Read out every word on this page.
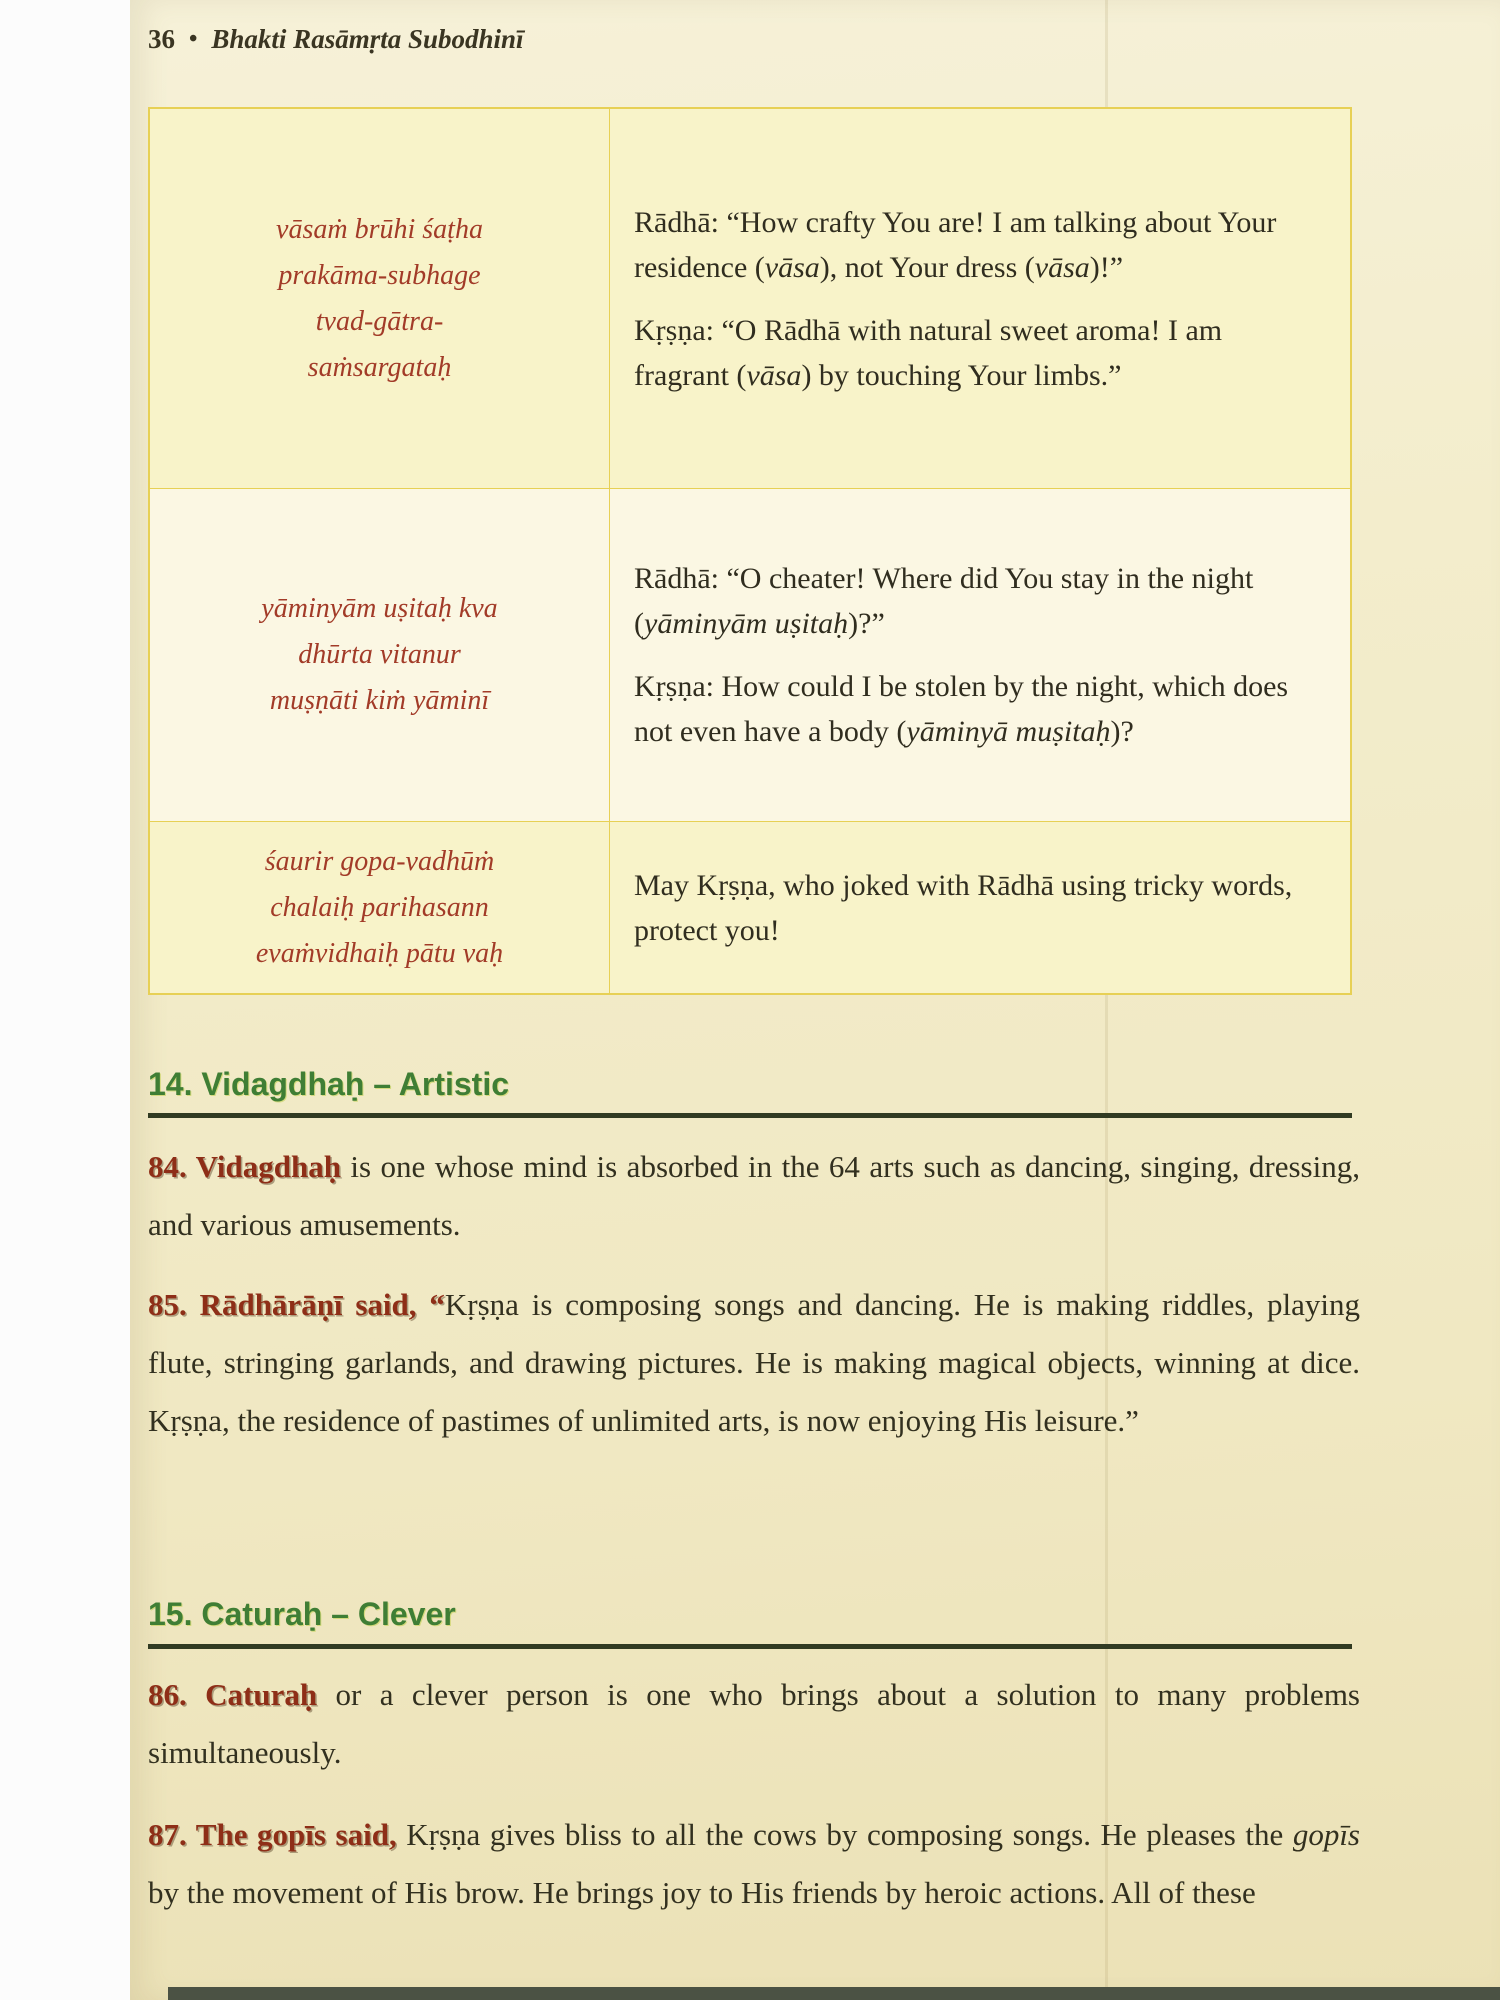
36 • Bhakti Rasāmṛta Subodhinī
vāsaṁ brūhi śaṭha
prakāma-subhage
tvad-gātra-
saṁsargataḥ

Rādhā: “How crafty You are! I am talking about Your residence (vāsa), not Your dress (vāsa)!”

Kṛṣṇa: “O Rādhā with natural sweet aroma! I am fragrant (vāsa) by touching Your limbs.”

yāminyām uṣitaḥ kva
dhūrta vitanur
muṣṇāti kiṁ yāminī

Rādhā: “O cheater! Where did You stay in the night (yāminyām uṣitaḥ)?”

Kṛṣṇa: How could I be stolen by the night, which does not even have a body (yāminyā muṣitaḥ)?

śaurir gopa-vadhūṁ
chalaiḥ parihasann
evaṁvidhaiḥ pātu vaḥ

May Kṛṣṇa, who joked with Rādhā using tricky words, protect you!

14. Vidagdhaḥ – Artistic
84. Vidagdhaḥ is one whose mind is absorbed in the 64 arts such as dancing, singing, dressing, and various amusements.
85. Rādhārāṇī said, “Kṛṣṇa is composing songs and dancing. He is making riddles, playing flute, stringing garlands, and drawing pictures. He is making magical objects, winning at dice. Kṛṣṇa, the residence of pastimes of unlimited arts, is now enjoying His leisure.”
15. Caturaḥ – Clever
86. Caturaḥ or a clever person is one who brings about a solution to many problems simultaneously.
87. The gopīs said, Kṛṣṇa gives bliss to all the cows by composing songs. He pleases the gopīs by the movement of His brow. He brings joy to His friends by heroic actions. All of these
